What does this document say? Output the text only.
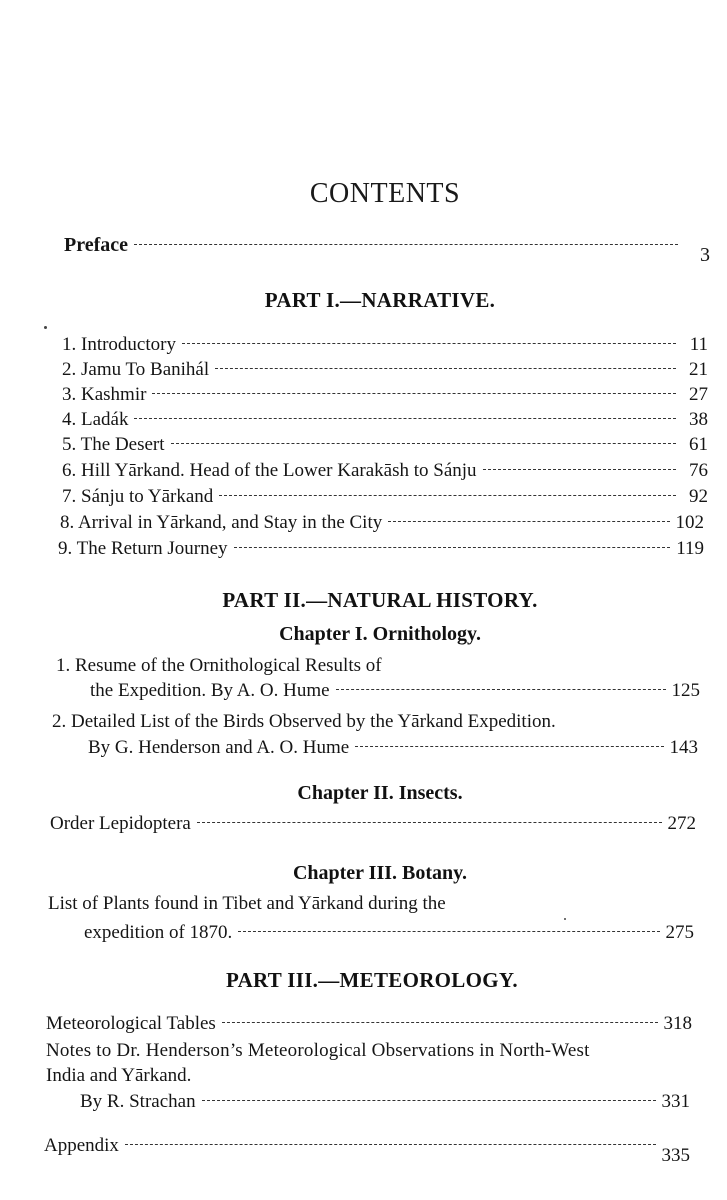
CONTENTS
Preface	3
PART I.—NARRATIVE.
1. Introductory	11
2. Jamu To Banihál	21
3. Kashmir	27
4. Ladák	38
5. The Desert	61
6. Hill Yārkand. Head of the Lower Karakāsh to Sánju	76
7. Sánju to Yārkand	92
8. Arrival in Yārkand, and Stay in the City	102
9. The Return Journey	119
PART II.—NATURAL HISTORY.
Chapter I. Ornithology.
1. Resume of the Ornithological Results of
the Expedition. By A. O. Hume	125
2. Detailed List of the Birds Observed by the Yārkand Expedition.
By G. Henderson and A. O. Hume	143
Chapter II. Insects.
Order Lepidoptera	272
Chapter III. Botany.
List of Plants found in Tibet and Yārkand during the
expedition of 1870.	275
PART III.—METEOROLOGY.
Meteorological Tables	318
Notes to Dr. Henderson’s Meteorological Observations in North-West
India and Yārkand.
By R. Strachan	331
Appendix	335
